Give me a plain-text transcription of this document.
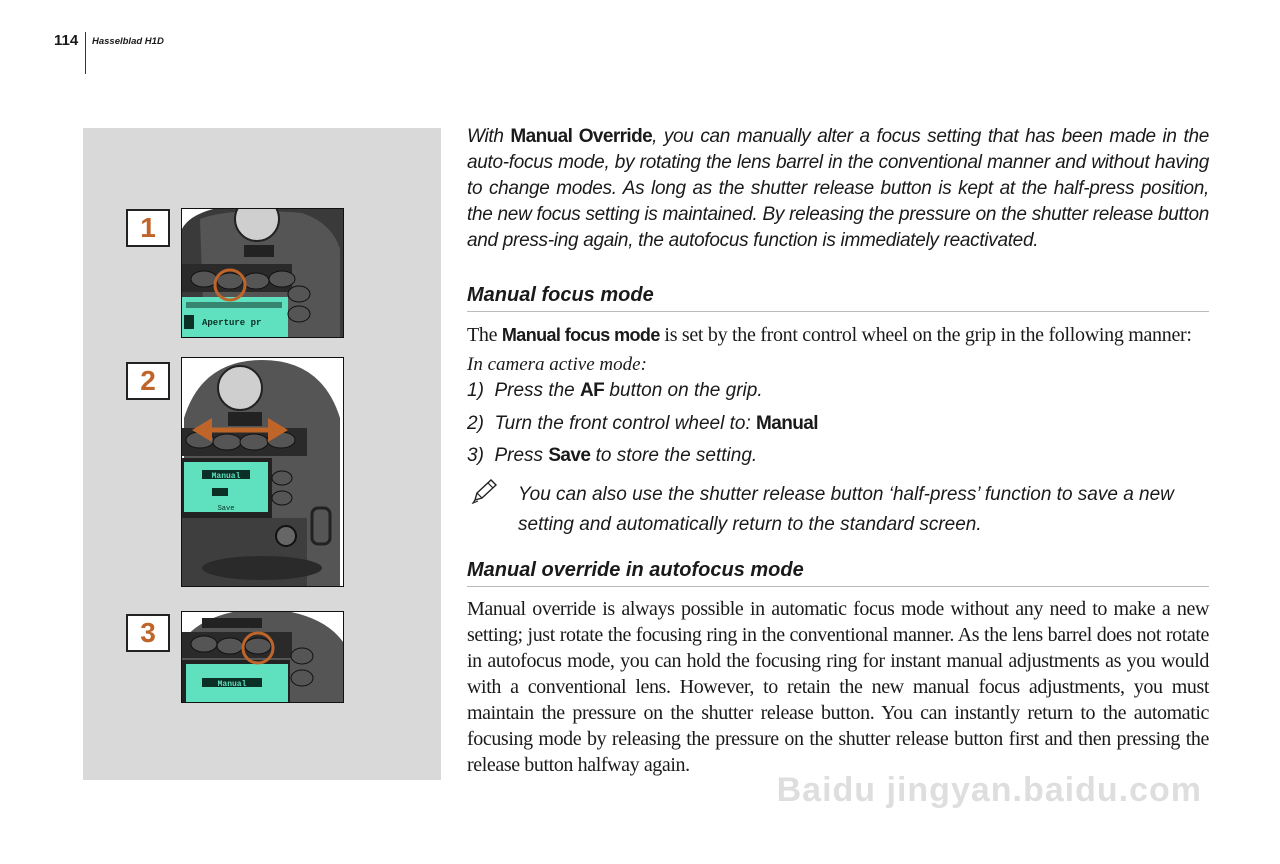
114 Hasselblad H1D
1
Aperture pr
2
Manual
Save
3
Manual

With Manual Override, you can manually alter a focus setting that has been made in the auto-focus mode, by rotating the lens barrel in the conventional manner and without having to change modes. As long as the shutter release button is kept at the half-press position, the new focus setting is maintained. By releasing the pressure on the shutter release button and press-ing again, the autofocus function is immediately reactivated.

Manual focus mode
The Manual focus mode is set by the front control wheel on the grip in the following manner:
In camera active mode:
1) Press the AF button on the grip.
2) Turn the front control wheel to: Manual
3) Press Save to store the setting.
You can also use the shutter release button ‘half-press’ function to save a new setting and automatically return to the standard screen.
Manual override in autofocus mode

Manual override is always possible in automatic focus mode without any need to make a new setting; just rotate the focusing ring in the conventional manner. As the lens barrel does not rotate in autofocus mode, you can hold the focusing ring for instant manual adjustments as you would with a conventional lens. However, to retain the new manual focus adjustments, you must maintain the pressure on the shutter release button. You can instantly return to the automatic focusing mode by releasing the pressure on the shutter release button first and then pressing the release button halfway again.

Baidu jingyan.baidu.com
